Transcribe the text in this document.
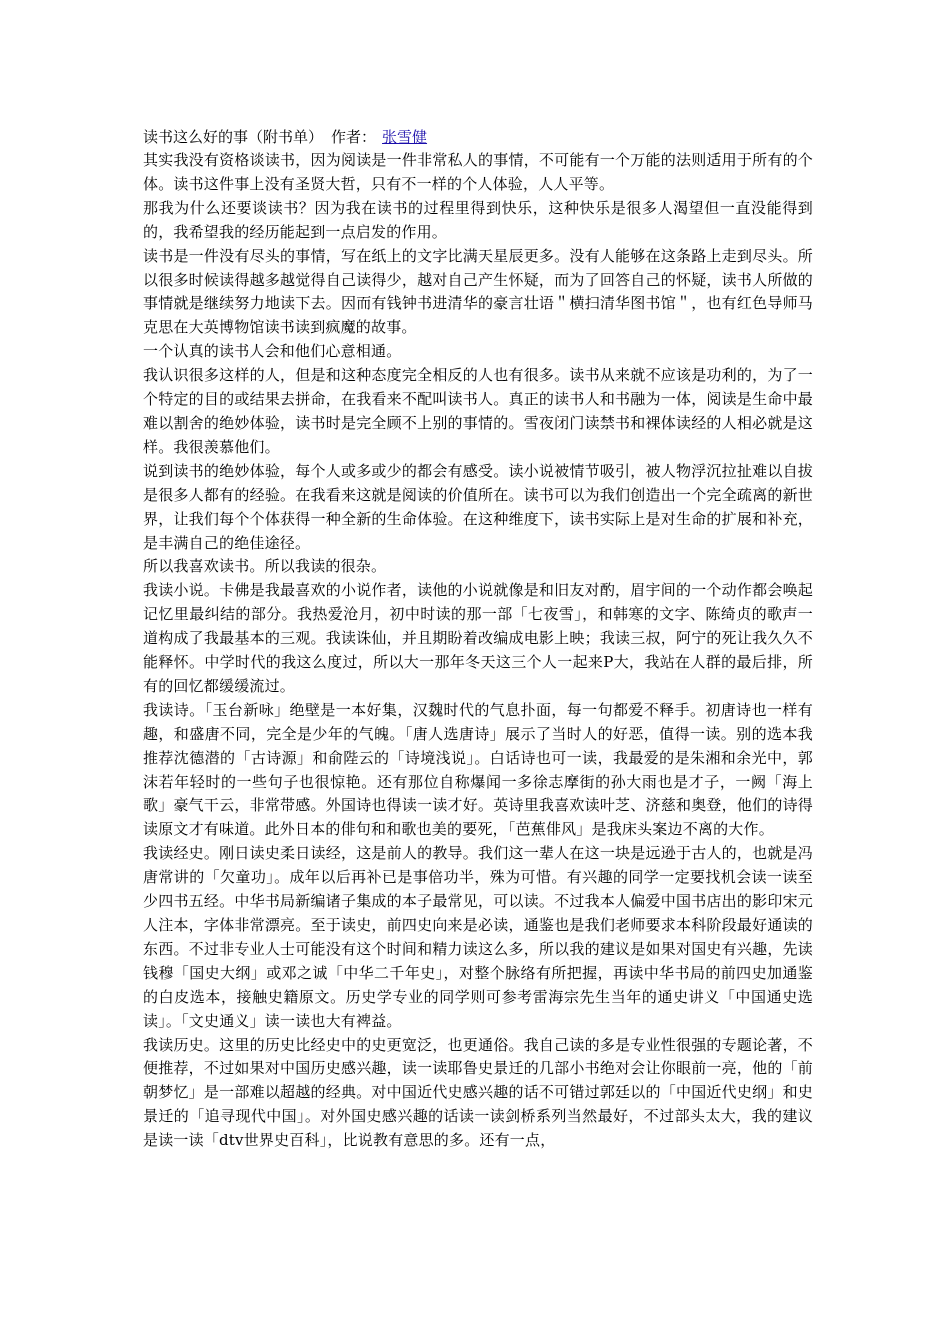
读书这么好的事（附书单） 作者： 张雪健

其实我没有资格谈读书，因为阅读是一件非常私人的事情，不可能有一个万能的法则适用于所有的个体。读书这件事上没有圣贤大哲，只有不一样的个人体验，人人平等。

那我为什么还要谈读书？因为我在读书的过程里得到快乐，这种快乐是很多人渴望但一直没能得到的，我希望我的经历能起到一点启发的作用。

读书是一件没有尽头的事情，写在纸上的文字比满天星辰更多。没有人能够在这条路上走到尽头。所以很多时候读得越多越觉得自己读得少，越对自己产生怀疑，而为了回答自己的怀疑，读书人所做的事情就是继续努力地读下去。因而有钱钟书进清华的豪言壮语＂横扫清华图书馆＂，也有红色导师马克思在大英博物馆读书读到疯魔的故事。

一个认真的读书人会和他们心意相通。

我认识很多这样的人，但是和这种态度完全相反的人也有很多。读书从来就不应该是功利的，为了一个特定的目的或结果去拼命，在我看来不配叫读书人。真正的读书人和书融为一体，阅读是生命中最难以割舍的绝妙体验，读书时是完全顾不上别的事情的。雪夜闭门读禁书和裸体读经的人相必就是这样。我很羡慕他们。

说到读书的绝妙体验，每个人或多或少的都会有感受。读小说被情节吸引，被人物浮沉拉扯难以自拔是很多人都有的经验。在我看来这就是阅读的价值所在。读书可以为我们创造出一个完全疏离的新世界，让我们每个个体获得一种全新的生命体验。在这种维度下，读书实际上是对生命的扩展和补充，是丰满自己的绝佳途径。

所以我喜欢读书。所以我读的很杂。

我读小说。卡佛是我最喜欢的小说作者，读他的小说就像是和旧友对酌，眉宇间的一个动作都会唤起记忆里最纠结的部分。我热爱沧月，初中时读的那一部「七夜雪」，和韩寒的文字、陈绮贞的歌声一道构成了我最基本的三观。我读诛仙，并且期盼着改编成电影上映；我读三叔，阿宁的死让我久久不能释怀。中学时代的我这么度过，所以大一那年冬天这三个人一起来P大，我站在人群的最后排，所有的回忆都缓缓流过。

我读诗。「玉台新咏」绝壁是一本好集，汉魏时代的气息扑面，每一句都爱不释手。初唐诗也一样有趣，和盛唐不同，完全是少年的气魄。「唐人选唐诗」展示了当时人的好恶，值得一读。别的选本我推荐沈德潜的「古诗源」和俞陛云的「诗境浅说」。白话诗也可一读，我最爱的是朱湘和余光中，郭沫若年轻时的一些句子也很惊艳。还有那位自称爆闻一多徐志摩街的孙大雨也是才子，一阙「海上歌」豪气干云，非常带感。外国诗也得读一读才好。英诗里我喜欢读叶芝、济慈和奥登，他们的诗得读原文才有味道。此外日本的俳句和和歌也美的要死，「芭蕉俳风」是我床头案边不离的大作。

我读经史。刚日读史柔日读经，这是前人的教导。我们这一辈人在这一块是远逊于古人的，也就是冯唐常讲的「欠童功」。成年以后再补已是事倍功半，殊为可惜。有兴趣的同学一定要找机会读一读至少四书五经。中华书局新编诸子集成的本子最常见，可以读。不过我本人偏爱中国书店出的影印宋元人注本，字体非常漂亮。至于读史，前四史向来是必读，通鉴也是我们老师要求本科阶段最好通读的东西。不过非专业人士可能没有这个时间和精力读这么多，所以我的建议是如果对国史有兴趣，先读钱穆「国史大纲」或邓之诚「中华二千年史」，对整个脉络有所把握，再读中华书局的前四史加通鉴的白皮选本，接触史籍原文。历史学专业的同学则可参考雷海宗先生当年的通史讲义「中国通史选读」。「文史通义」读一读也大有裨益。

我读历史。这里的历史比经史中的史更宽泛，也更通俗。我自己读的多是专业性很强的专题论著，不便推荐，不过如果对中国历史感兴趣，读一读耶鲁史景迁的几部小书绝对会让你眼前一亮，他的「前朝梦忆」是一部难以超越的经典。对中国近代史感兴趣的话不可错过郭廷以的「中国近代史纲」和史景迁的「追寻现代中国」。对外国史感兴趣的话读一读剑桥系列当然最好，不过部头太大，我的建议是读一读「dtv世界史百科」，比说教有意思的多。还有一点，
